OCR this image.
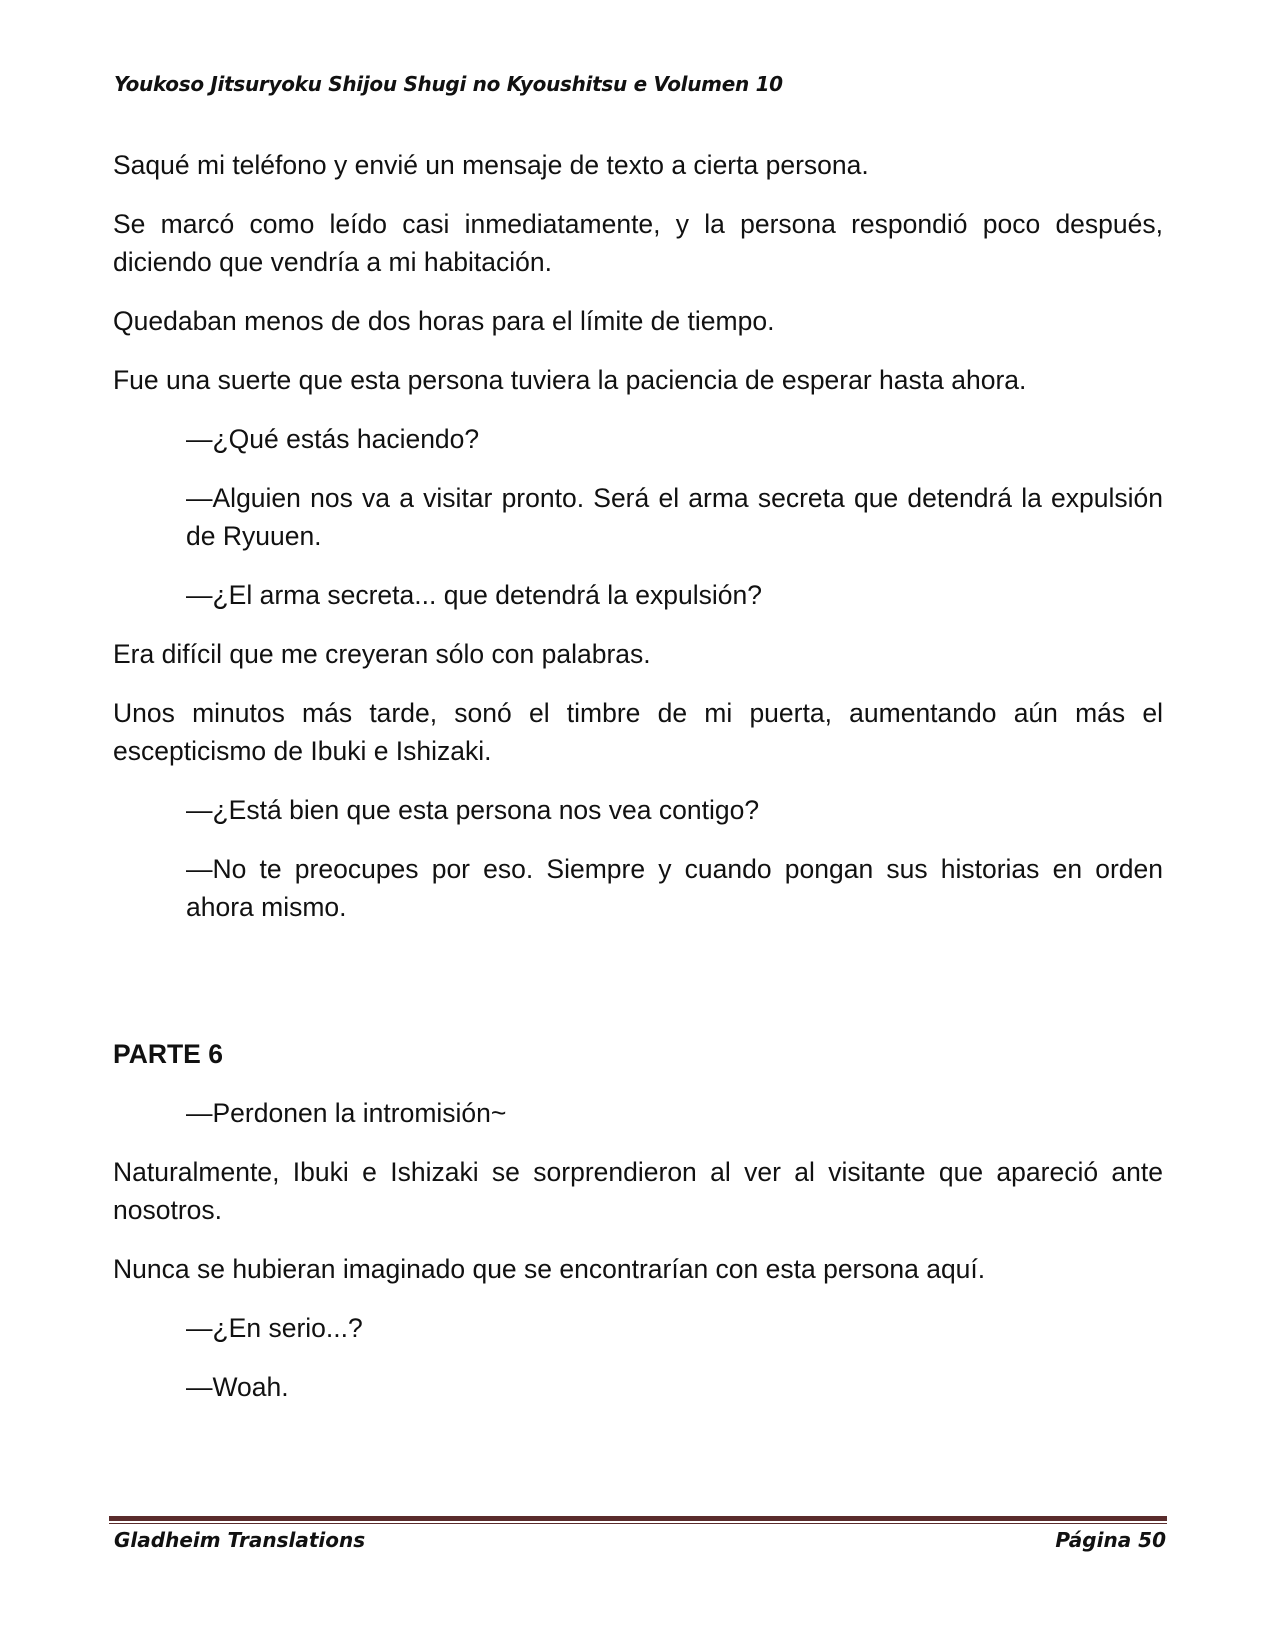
Youkoso Jitsuryoku Shijou Shugi no Kyoushitsu e Volumen 10

Saqué mi teléfono y envié un mensaje de texto a cierta persona.

Se marcó como leído casi inmediatamente, y la persona respondió poco después, diciendo que vendría a mi habitación.

Quedaban menos de dos horas para el límite de tiempo.

Fue una suerte que esta persona tuviera la paciencia de esperar hasta ahora.

—¿Qué estás haciendo?

—Alguien nos va a visitar pronto. Será el arma secreta que detendrá la expulsión de Ryuuen.

—¿El arma secreta... que detendrá la expulsión?

Era difícil que me creyeran sólo con palabras.

Unos minutos más tarde, sonó el timbre de mi puerta, aumentando aún más el escepticismo de Ibuki e Ishizaki.

—¿Está bien que esta persona nos vea contigo?

—No te preocupes por eso. Siempre y cuando pongan sus historias en orden ahora mismo.

PARTE 6

—Perdonen la intromisión~

Naturalmente, Ibuki e Ishizaki se sorprendieron al ver al visitante que apareció ante nosotros.

Nunca se hubieran imaginado que se encontrarían con esta persona aquí.

—¿En serio...?

—Woah.

Gladheim Translations	Página 50
